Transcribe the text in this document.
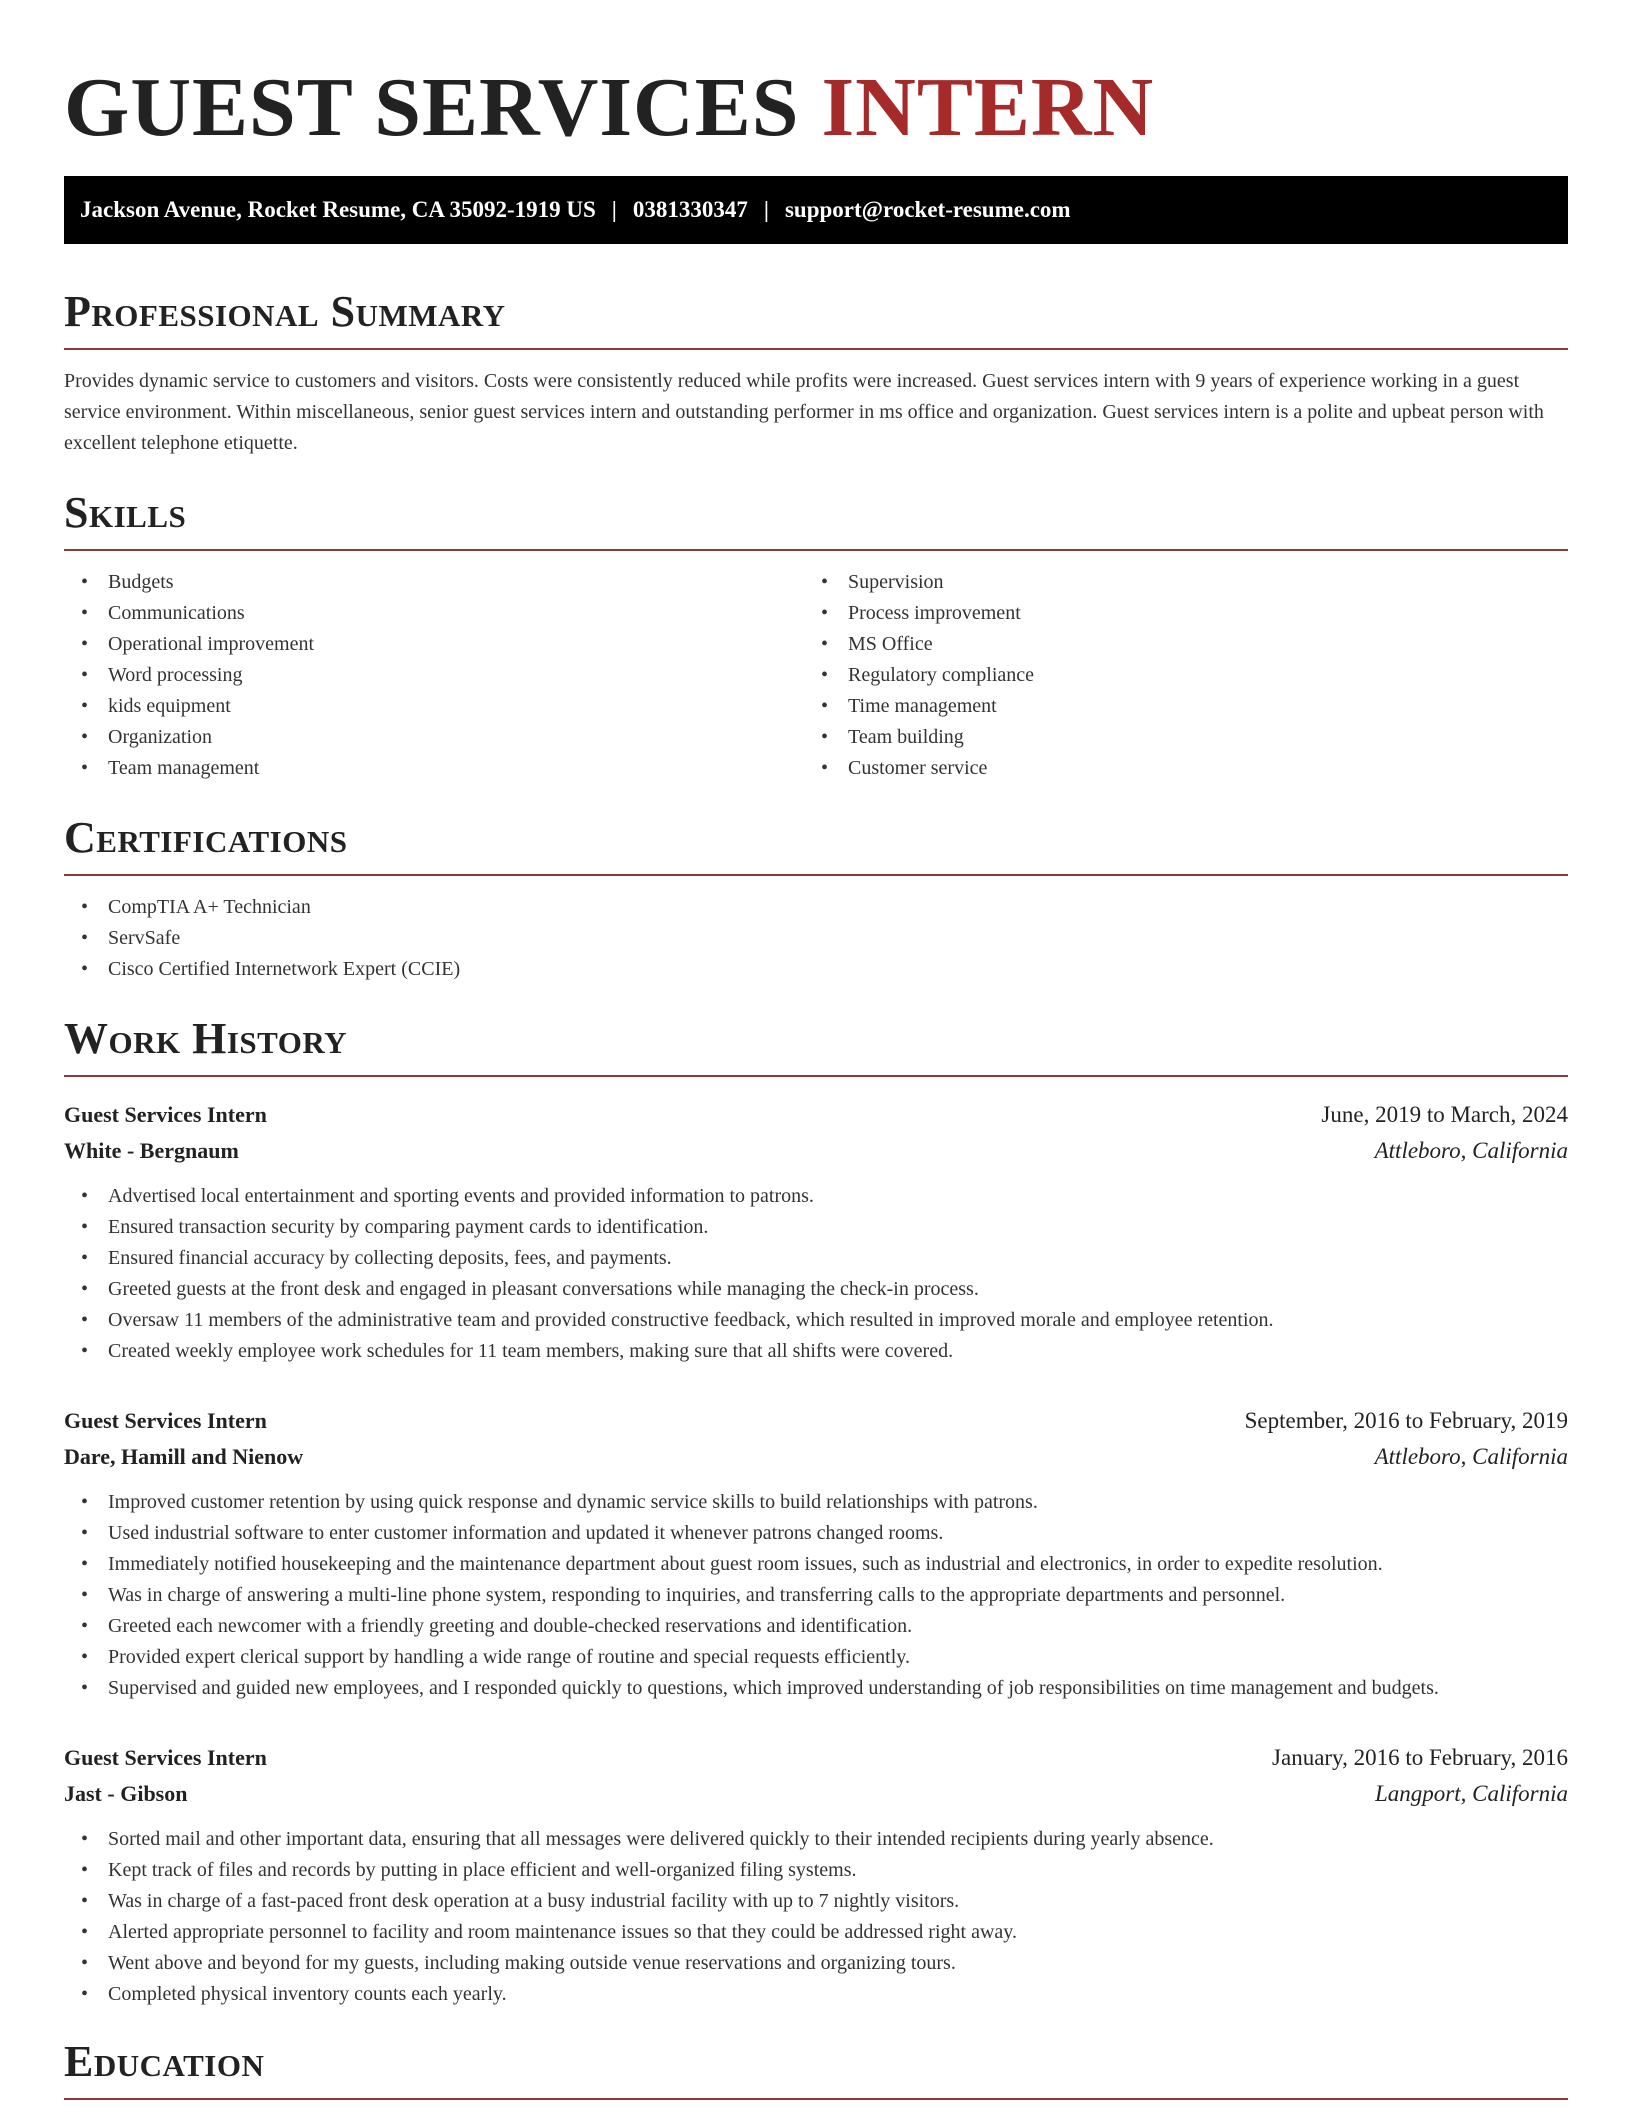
GUEST SERVICES INTERN
Jackson Avenue, Rocket Resume, CA 35092-1919 US | 0381330347 | support@rocket-resume.com
Professional Summary

Provides dynamic service to customers and visitors. Costs were consistently reduced while profits were increased. Guest services intern with 9 years of experience working in a guest service environment. Within miscellaneous, senior guest services intern and outstanding performer in ms office and organization. Guest services intern is a polite and upbeat person with excellent telephone etiquette.

Skills
• Budgets
• Communications
• Operational improvement
• Word processing
• kids equipment
• Organization
• Team management
• Supervision
• Process improvement
• MS Office
• Regulatory compliance
• Time management
• Team building
• Customer service
Certifications
• CompTIA A+ Technician
• ServSafe
• Cisco Certified Internetwork Expert (CCIE)
Work History
Guest Services Intern	June, 2019 to March, 2024
White - Bergnaum	Attleboro, California
• Advertised local entertainment and sporting events and provided information to patrons.
• Ensured transaction security by comparing payment cards to identification.
• Ensured financial accuracy by collecting deposits, fees, and payments.
• Greeted guests at the front desk and engaged in pleasant conversations while managing the check-in process.
• Oversaw 11 members of the administrative team and provided constructive feedback, which resulted in improved morale and employee retention.
• Created weekly employee work schedules for 11 team members, making sure that all shifts were covered.
Guest Services Intern	September, 2016 to February, 2019
Dare, Hamill and Nienow	Attleboro, California
• Improved customer retention by using quick response and dynamic service skills to build relationships with patrons.
• Used industrial software to enter customer information and updated it whenever patrons changed rooms.
• Immediately notified housekeeping and the maintenance department about guest room issues, such as industrial and electronics, in order to expedite resolution.
• Was in charge of answering a multi-line phone system, responding to inquiries, and transferring calls to the appropriate departments and personnel.
• Greeted each newcomer with a friendly greeting and double-checked reservations and identification.
• Provided expert clerical support by handling a wide range of routine and special requests efficiently.
• Supervised and guided new employees, and I responded quickly to questions, which improved understanding of job responsibilities on time management and budgets.
Guest Services Intern	January, 2016 to February, 2016
Jast - Gibson	Langport, California
• Sorted mail and other important data, ensuring that all messages were delivered quickly to their intended recipients during yearly absence.
• Kept track of files and records by putting in place efficient and well-organized filing systems.
• Was in charge of a fast-paced front desk operation at a busy industrial facility with up to 7 nightly visitors.
• Alerted appropriate personnel to facility and room maintenance issues so that they could be addressed right away.
• Went above and beyond for my guests, including making outside venue reservations and organizing tours.
• Completed physical inventory counts each yearly.
Education
